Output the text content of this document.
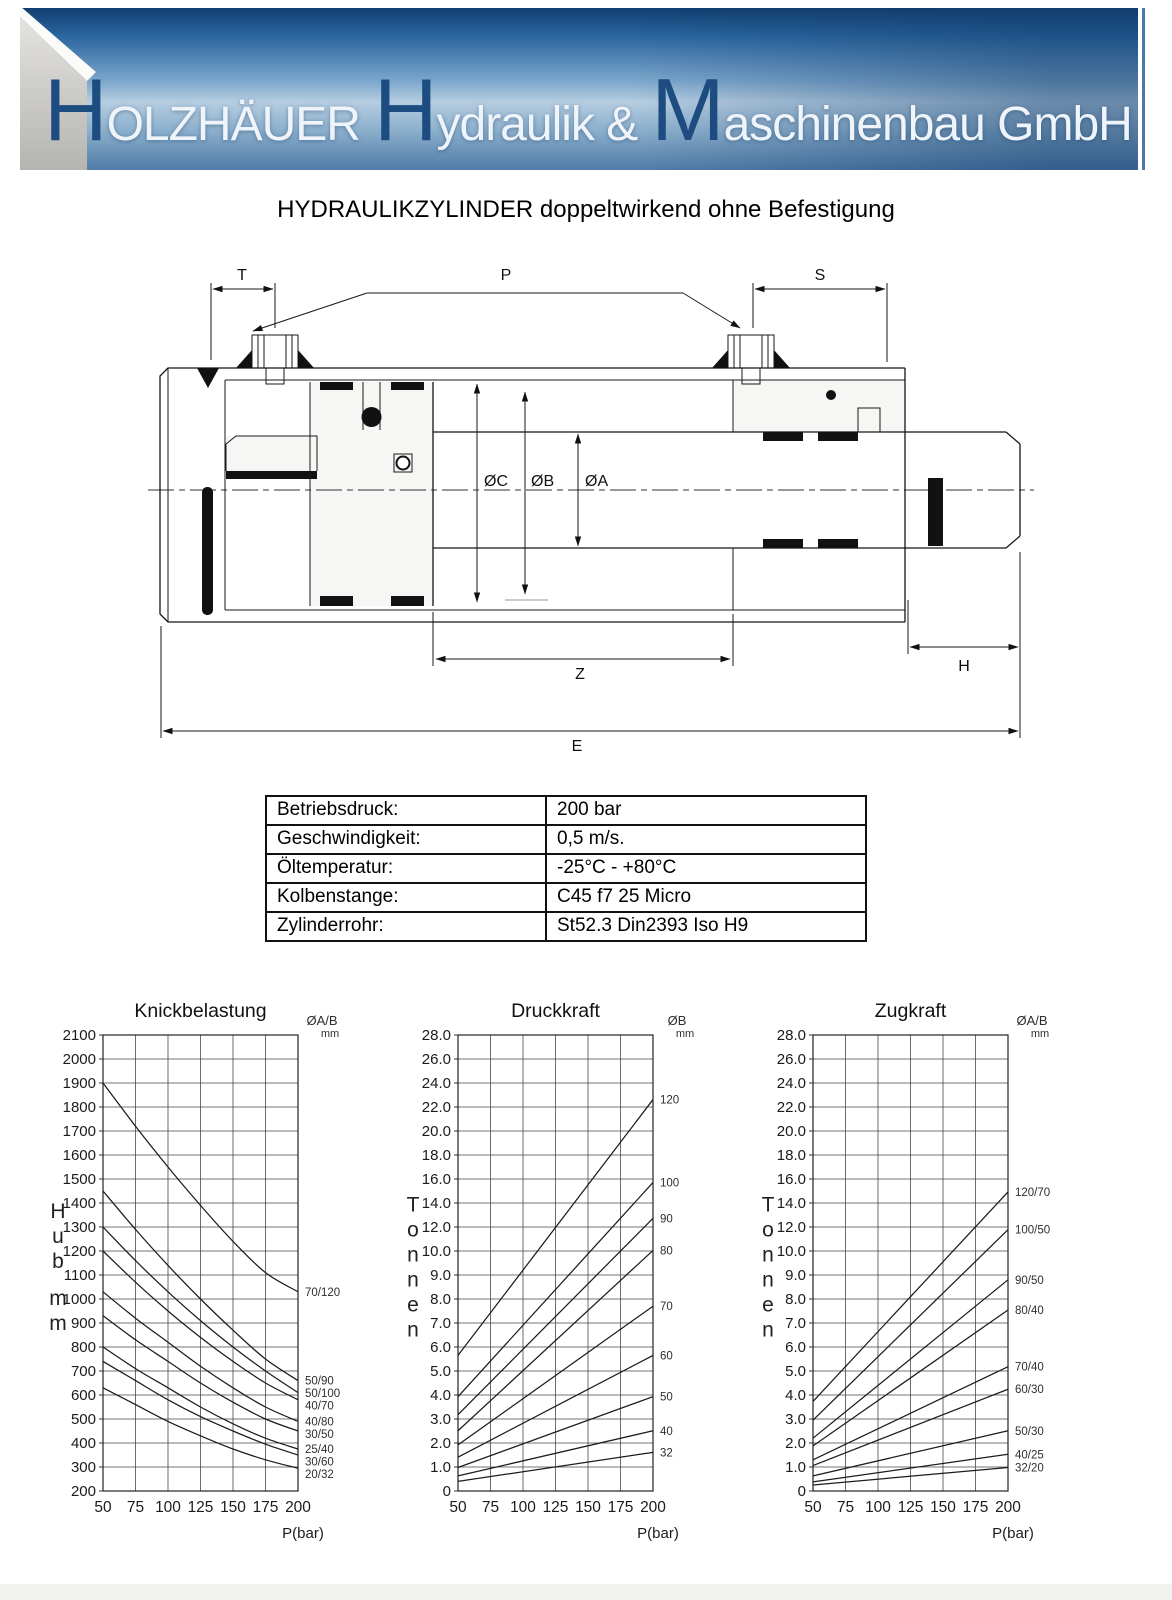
H OLZHÄUER H ydraulik & M aschinenbau GmbH
HYDRAULIKZYLINDER doppeltwirkend ohne Befestigung
T	P	S
ØC ØB ØA
Z	H
E
Betriebsdruck:	200 bar
Geschwindigkeit:	0,5 m/s.
Öltemperatur:	-25°C - +80°C
Kolbenstange:	C45 f7 25 Micro
Zylinderrohr:	St52.3 Din2393 Iso H9
2100
2000
1900
1800
1700
1600
1500
1400
1300
1200
1100
1000
900
800
700
600
500
400
300
200
50 75 100 125 150 175 200
70/120
50/90
50/100
40/70
40/80
30/50
25/40
30/60
20/32
Knickbelastung	ØA/B
mm
P(bar)
H
u
b
m
m
28.0
26.0
24.0
22.0
20.0
18.0
16.0
14.0
12.0
10.0
9.0
8.0
7.0
6.0
5.0
4.0
3.0
2.0
1.0
0
50 75 100 125 150 175 200
120
100
90
80
70
60
50
40
32
Druckkraft	ØB
mm
P(bar)
T
o
n
n
e
n
28.0
26.0
24.0
22.0
20.0
18.0
16.0
14.0
12.0
10.0
9.0
8.0
7.0
6.0
5.0
4.0
3.0
2.0
1.0
0
50 75 100 125 150 175 200
120/70
100/50
90/50
80/40
70/40
60/30
50/30
40/25
32/20
Zugkraft	ØA/B
mm
P(bar)
T
o
n
n
e
n
